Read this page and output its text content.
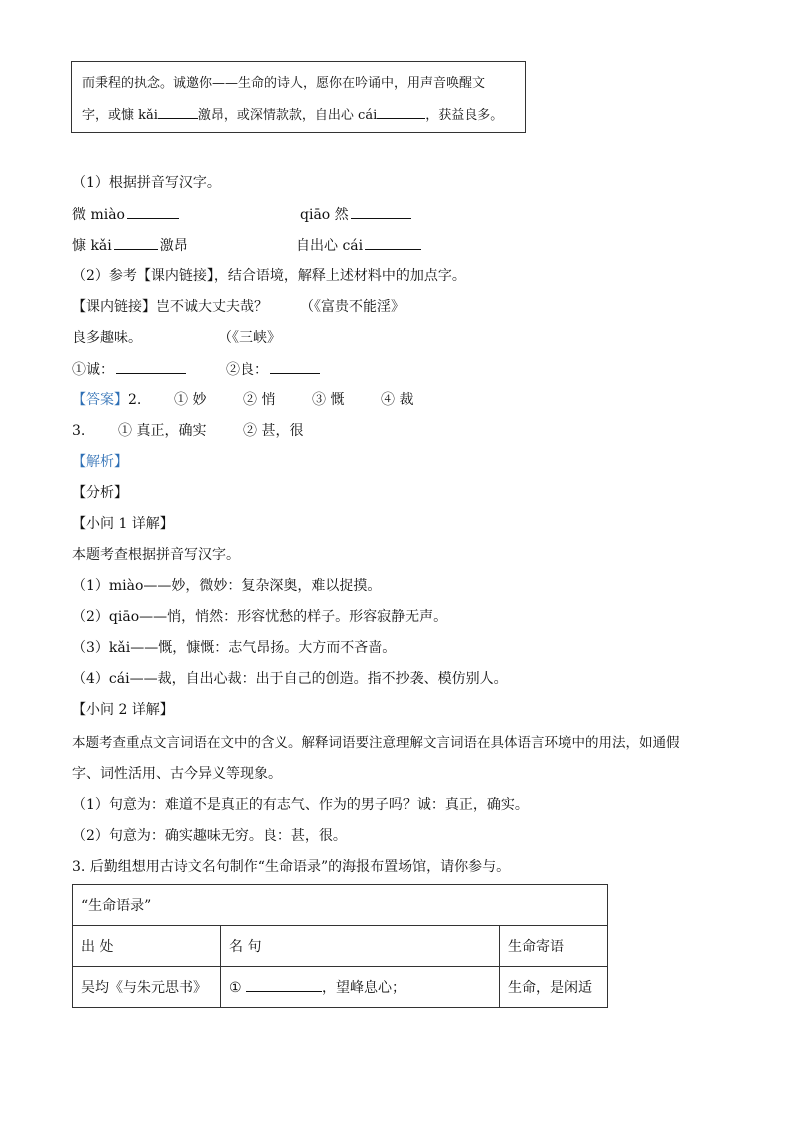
而秉程的执念。诚邀你——生命的诗人，愿你在吟诵中，用声音唤醒文
字，或慷 kǎi	激昂，或深情款款，自出心 cái	，获益良多。
（1）根据拼音写汉字。
微 miào	qiāo 然
慷 kǎi	激昂	自出心 cái
（2）参考【课内链接】，结合语境，解释上述材料中的加点字。
【课内链接】岂不诚大丈夫哉？ （《富贵不能淫》
良多趣味。	（《三峡》
①诚：	②良：
【答案】2. ① 妙	② 悄	③ 慨	④ 裁
3. ① 真正，确实	② 甚，很
【解析】
【分析】
【小问 1 详解】
本题考查根据拼音写汉字。
（1）miào——妙，微妙：复杂深奥，难以捉摸。
（2）qiāo——悄，悄然：形容忧愁的样子。形容寂静无声。
（3）kǎi——慨，慷慨：志气昂扬。大方而不吝啬。
（4）cái——裁，自出心裁：出于自己的创造。指不抄袭、模仿别人。
【小问 2 详解】
本题考查重点文言词语在文中的含义。解释词语要注意理解文言词语在具体语言环境中的用法，如通假
字、词性活用、古今异义等现象。
（1）句意为：难道不是真正的有志气、作为的男子吗？诚：真正，确实。
（2）句意为：确实趣味无穷。良：甚，很。
3. 后勤组想用古诗文名句制作“生命语录”的海报布置场馆，请你参与。
“生命语录”		
出 处	名 句	生命寄语
吴均《与朱元思书》	① ，望峰息心；	生命，是闲适
